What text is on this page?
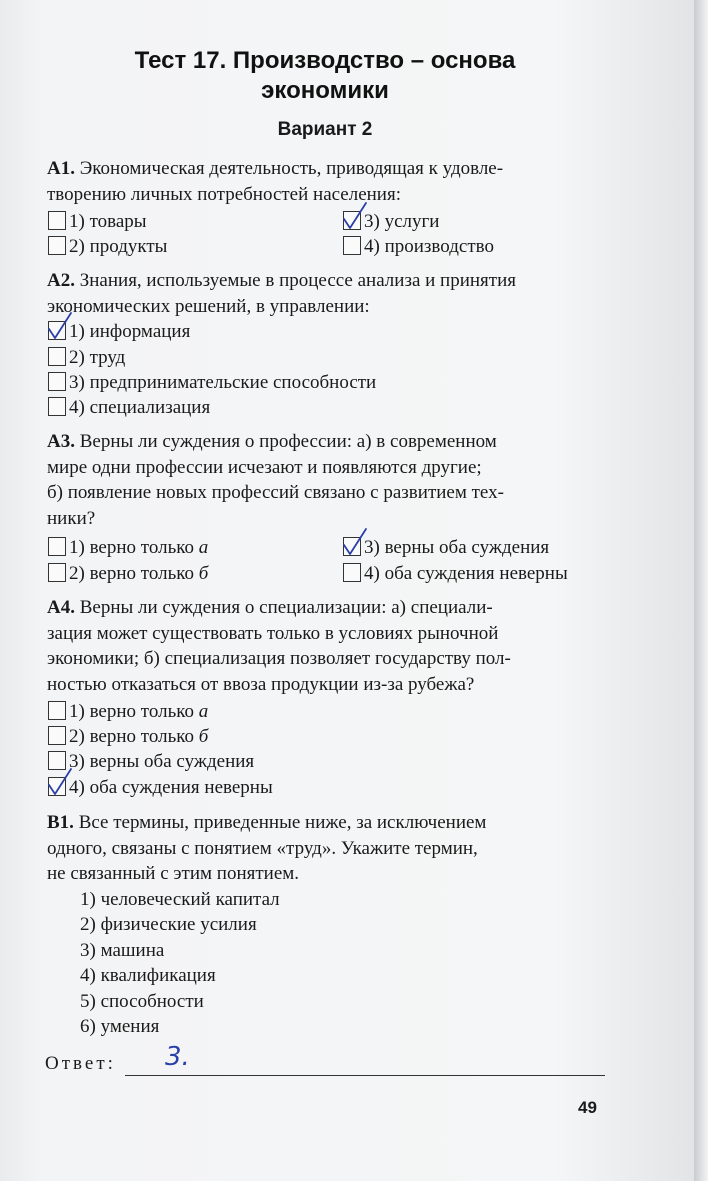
Тест 17. Производство – основа
экономики
Вариант 2
А1. Экономическая деятельность, приводящая к удовле-
творению личных потребностей населения:
1) товары
2) продукты
3) услуги
4) производство
А2. Знания, используемые в процессе анализа и принятия
экономических решений, в управлении:
1) информация
2) труд
3) предпринимательские способности
4) специализация
А3. Верны ли суждения о профессии: а) в современном
мире одни профессии исчезают и появляются другие;
б) появление новых профессий связано с развитием тех-
ники?
1) верно только а
2) верно только б
3) верны оба суждения
4) оба суждения неверны
А4. Верны ли суждения о специализации: а) специали-
зация может существовать только в условиях рыночной
экономики; б) специализация позволяет государству пол-
ностью отказаться от ввоза продукции из-за рубежа?
1) верно только а
2) верно только б
3) верны оба суждения
4) оба суждения неверны
В1. Все термины, приведенные ниже, за исключением
одного, связаны с понятием «труд». Укажите термин,
не связанный с этим понятием.
1) человеческий капитал
2) физические усилия
3) машина
4) квалификация
5) способности
6) умения
Ответ: 3.
49
